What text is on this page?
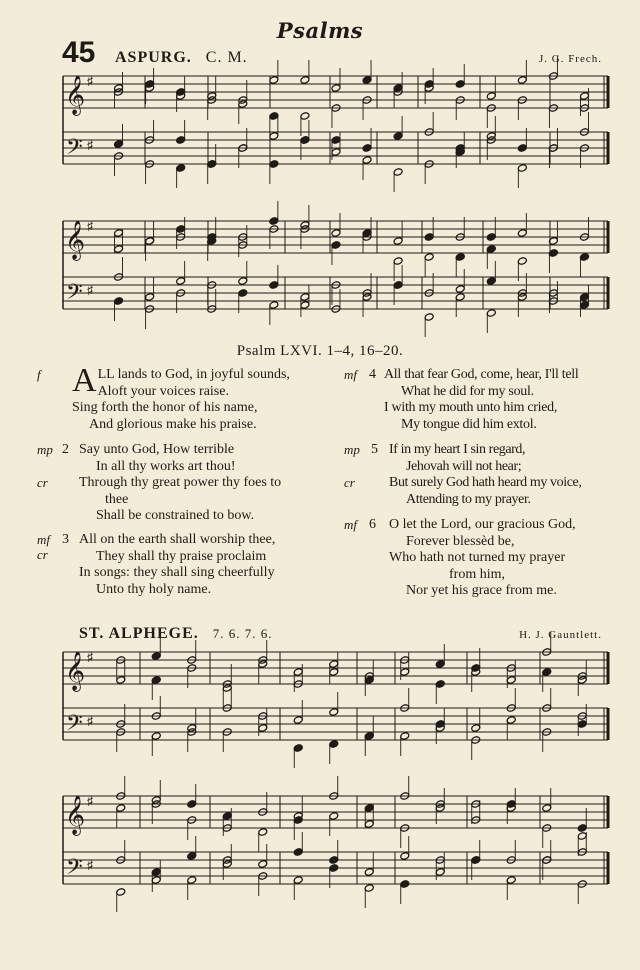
Psalms
45 ASPURG. C. M.	J. G. Frech.
𝄞
𝄢
♯
♯
𝄞
𝄢
♯
♯
𝄞
𝄢
♯
♯
𝄞
𝄢
♯
♯
Psalm LXVI. 1–4, 16–20.
f A LL lands to God, in joyful sounds,
Aloft your voices raise.
Sing forth the honor of his name,
And glorious make his praise.
mp
cr
2 Say unto God, How terrible
In all thy works art thou!
Through thy great power thy foes to
thee
Shall be constrained to bow.
mf
cr
3 All on the earth shall worship thee,
They shall thy praise proclaim
In songs: they shall sing cheerfully
Unto thy holy name.
mf 4 All that fear God, come, hear, I'll tell
What he did for my soul.
I with my mouth unto him cried,
My tongue did him extol.
mp
cr
5 If in my heart I sin regard,
Jehovah will not hear;
But surely God hath heard my voice,
Attending to my prayer.
mf 6 O let the Lord, our gracious God,
Forever blessèd be,
Who hath not turned my prayer
from him,
Nor yet his grace from me.
ST. ALPHEGE. 7. 6. 7. 6.	H. J. Gauntlett.
